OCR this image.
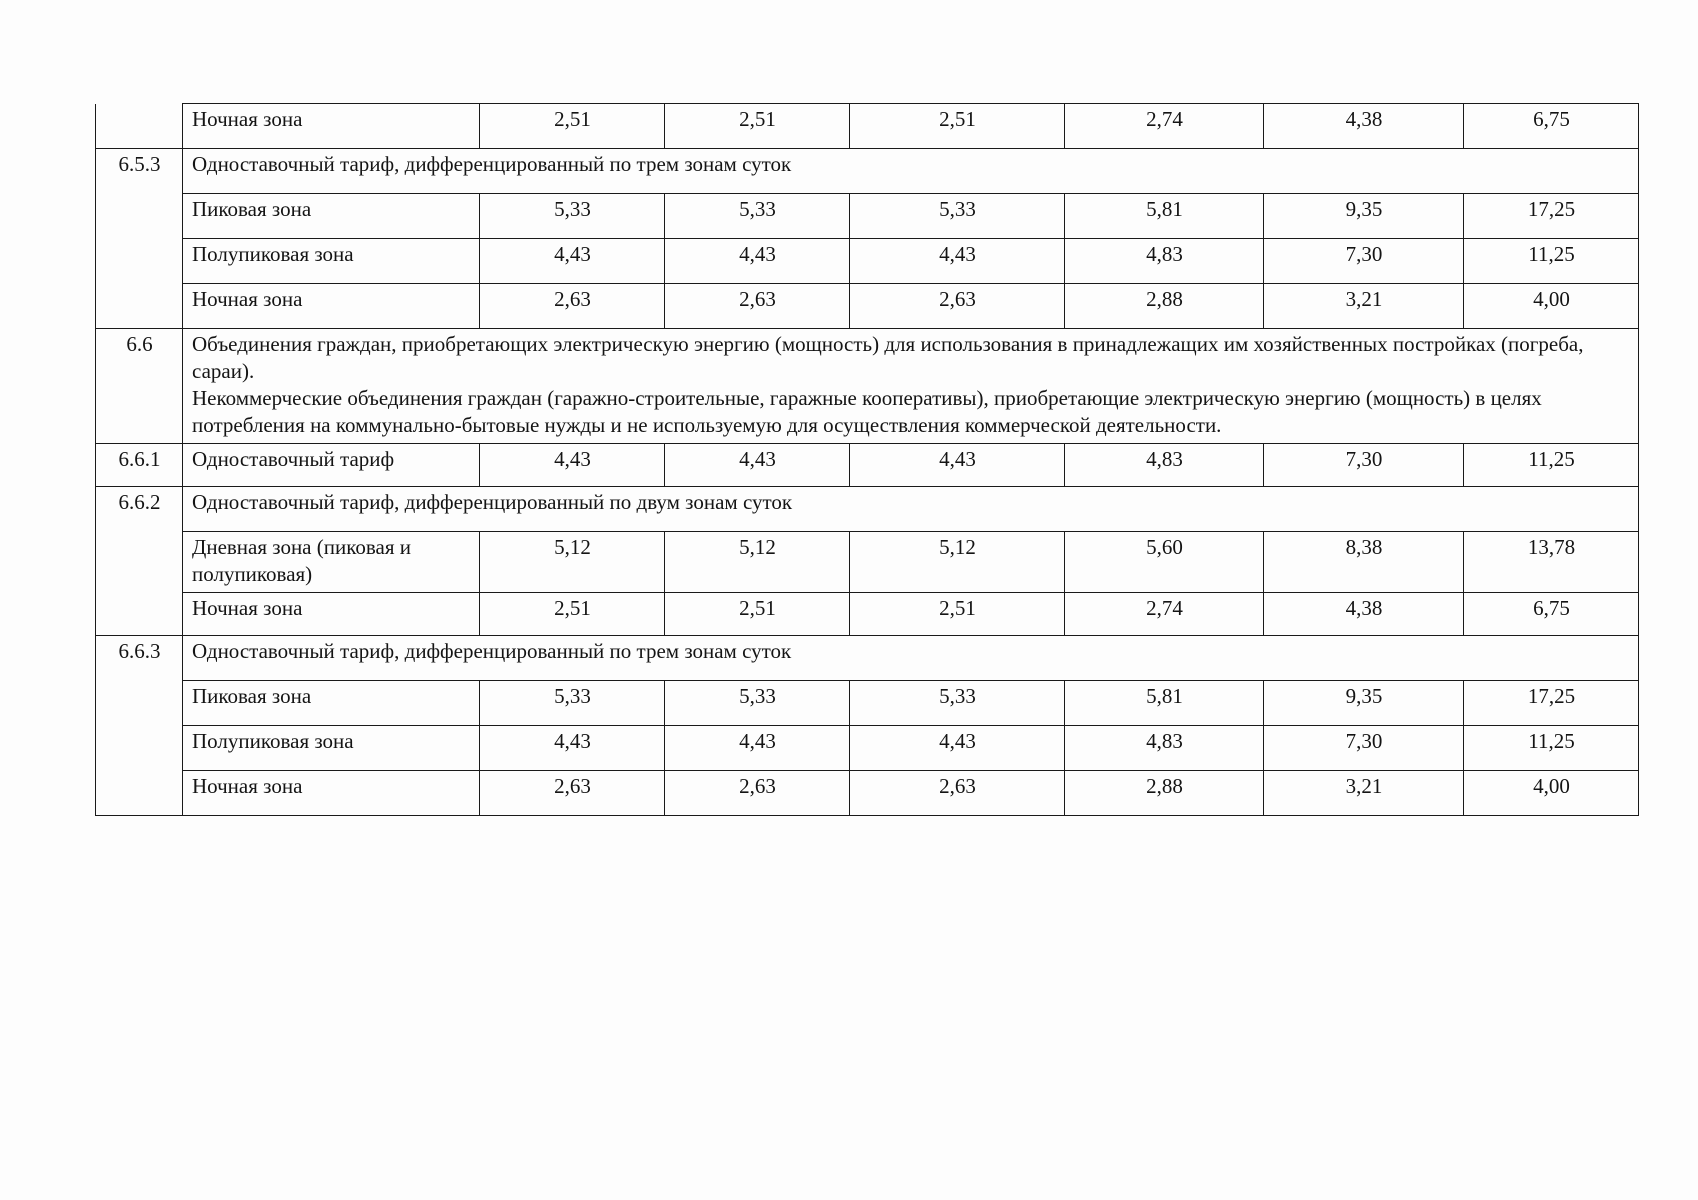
	Ночная зона	2,51	2,51	2,51	2,74	4,38	6,75
6.5.3	Одноставочный тариф, дифференцированный по трем зонам суток						
	Пиковая зона	5,33	5,33	5,33	5,81	9,35	17,25
	Полупиковая зона	4,43	4,43	4,43	4,83	7,30	11,25
	Ночная зона	2,63	2,63	2,63	2,88	3,21	4,00
6.6	Объединения граждан, приобретающих электрическую энергию (мощность) для использования в принадлежащих им хозяйственных постройках (погреба, сараи).

Некоммерческие объединения граждан (гаражно-строительные, гаражные кооперативы), приобретающие электрическую энергию (мощность) в целях потребления на коммунально-бытовые нужды и не используемую для осуществления коммерческой деятельности.						

6.6.1	Одноставочный тариф	4,43	4,43	4,43	4,83	7,30	11,25
6.6.2	Одноставочный тариф, дифференцированный по двум зонам суток						
	Дневная зона (пиковая и полупиковая)	5,12	5,12	5,12	5,60	8,38	13,78
	Ночная зона	2,51	2,51	2,51	2,74	4,38	6,75
6.6.3	Одноставочный тариф, дифференцированный по трем зонам суток						
	Пиковая зона	5,33	5,33	5,33	5,81	9,35	17,25
	Полупиковая зона	4,43	4,43	4,43	4,83	7,30	11,25
	Ночная зона	2,63	2,63	2,63	2,88	3,21	4,00
